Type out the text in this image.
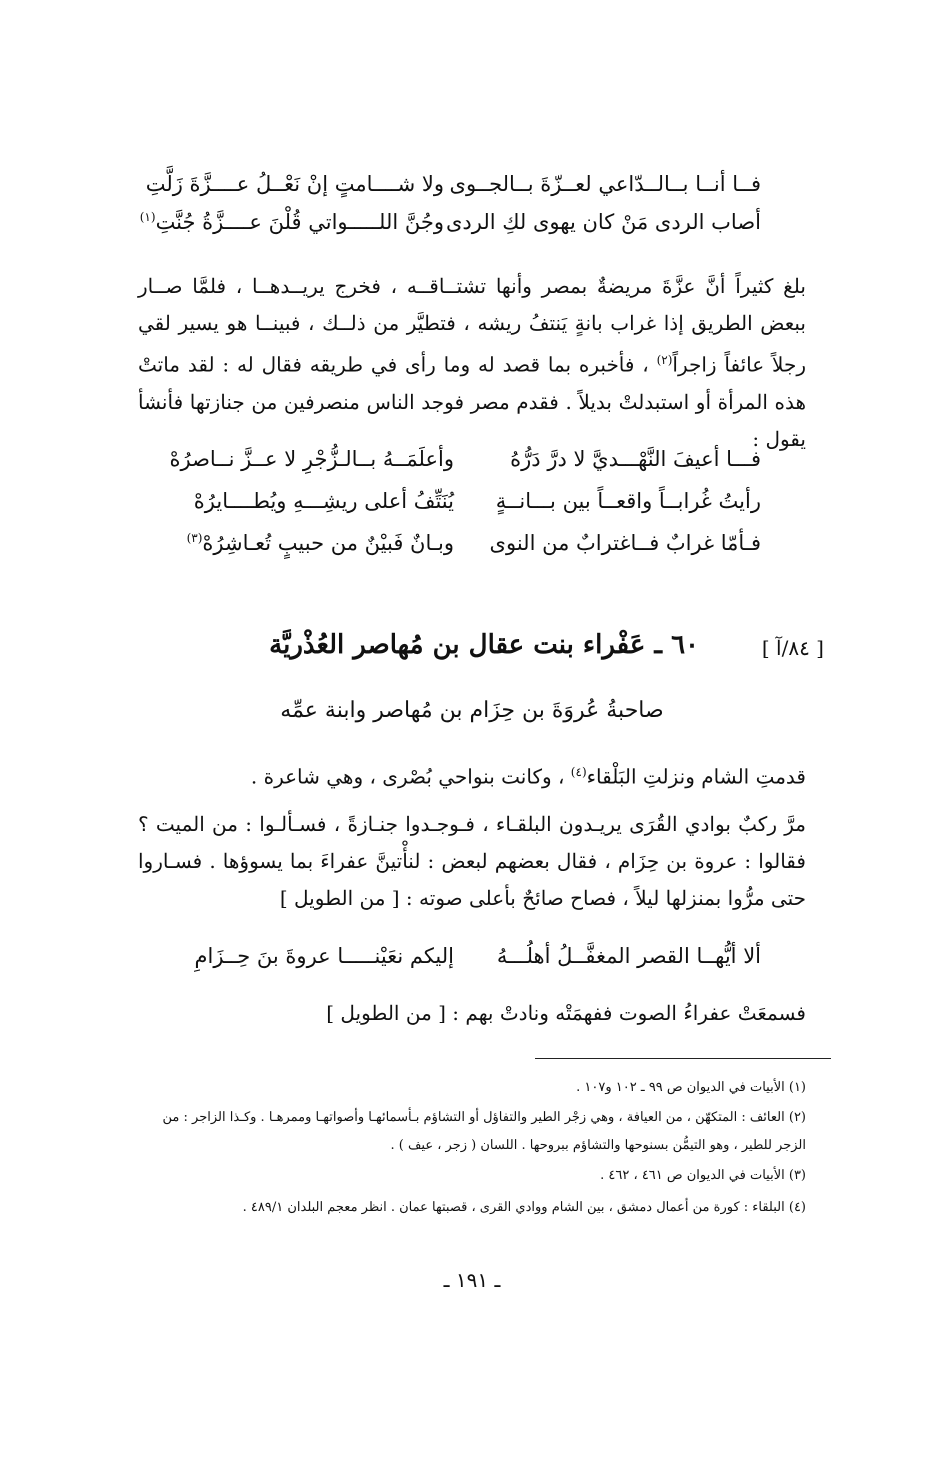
فــا أنــا بــالــدّاعي لعــزّةَ بــالجــوى
ولا شــــامتٍ إنْ نَعْــلُ عــــزَّةَ زَلَّتِ
أصاب الردى مَنْ كان يهوى لكِ الردى
وجُنَّ اللـــــواتي قُلْنَ عــــزَّةُ جُنَّتِ$^{(١)}$
بلغ كثيراً أنَّ عزَّةَ مريضةٌ بمصر وأنها تشتــاقــه ، فخرج يريــدهــا ، فلمَّا صــار ببعض الطريق إذا غراب بانةٍ يَنتفُ ريشه ، فتطيَّر من ذلــك ، فبينــا هو يسير لقي رجلاً عائفاً زاجراً$^{(٢)}$ ، فأخبره بما قصد له وما رأى في طريقه فقال له : لقد ماتتْ هذه المرأة أو استبدلتْ بديلاً . فقدم مصر فوجد الناس منصرفين من جنازتها فأنشأ يقول :
فـــا أعيفَ النَّهْـــديَّ لا درَّ دَرُّهُ
وأعلَمَــهُ بــالـزُّجْرِ لا عــزَّ نــاصرُهْ
رأيتُ غُرابــاً واقعــاً بين بـــانــةٍ
يُنَتِّفُ أعلى ريشِـــهِ ويُطــــايرُهْ
فـأمّا غرابٌ فــاغترابٌ من النوى
وبـانٌ فَبيْنٌ من حبيبٍ تُعـاشِرُهْ$^{(٣)}$
[ ٨٤/آ ]
٦٠ ـ عَفْراء بنت عقال بن مُهاصر العُذْريَّة
صاحبةُ عُروَةَ بن حِزَام بن مُهاصر وابنة عمِّه
قدمتِ الشام ونزلتِ البَلْقاء$^{(٤)}$ ، وكانت بنواحي بُصْرى ، وهي شاعرة .
مرَّ ركبٌ بوادي القُرَى يريـدون البلقـاء ، فـوجـدوا جنـازةً ، فسـألـوا : من الميت ؟ فقالوا : عروة بن حِزَام ، فقال بعضهم لبعض : لنأْتينَّ عفراءَ بما يسوؤها . فسـاروا حتى مرُّوا بمنزلها ليلاً ، فصاح صائحٌ بأعلى صوته : [ من الطويل ]
ألا أيُّهــا القصر المغفَّــلُ أهلُـــهُ
إليكم نعَيْنـــــا عروةَ بنَ حِــزَامِ
فسمعَتْ عفراءُ الصوت ففهمَتْه ونادتْ بهم : [ من الطويل ]

(١) الأبيات في الديوان ص ٩٩ ـ ١٠٢ و١٠٧ .

(٢) العائف : المتكهّن ، من العيافة ، وهي زجْر الطير والتفاؤل أو التشاؤم بـأسمائهـا وأصواتهـا وممرهـا . وكـذا الزاجر : من الزجر للطير ، وهو التيمُّن بسنوحها والتشاؤم ببروحها . اللسان ( زجر ، عيف ) .

(٣) الأبيات في الديوان ص ٤٦١ ، ٤٦٢ .

(٤) البلقاء : كورة من أعمال دمشق ، بين الشام ووادي القرى ، قصبتها عمان . انظر معجم البلدان ٤٨٩/١ .

ـ ١٩١ ـ
